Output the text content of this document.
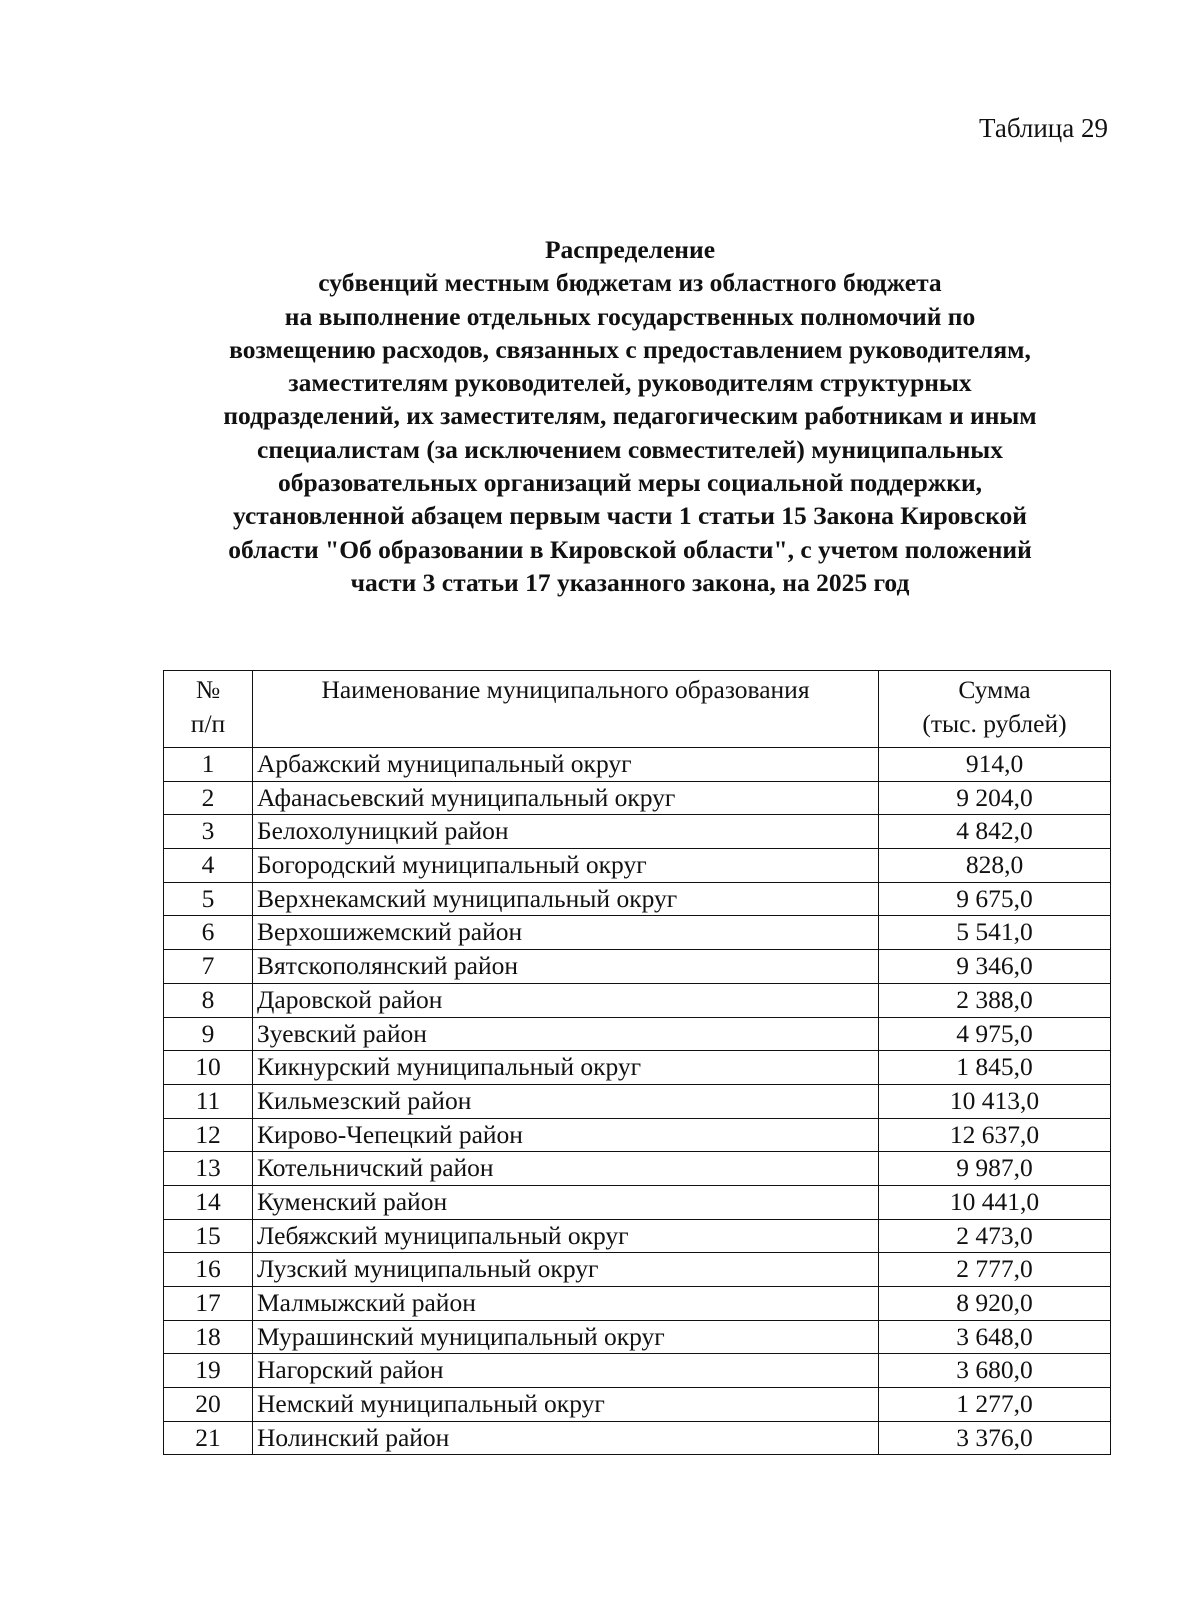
Таблица 29
Распределение
субвенций местным бюджетам из областного бюджета
на выполнение отдельных государственных полномочий по
возмещению расходов, связанных с предоставлением руководителям,
заместителям руководителей, руководителям структурных
подразделений, их заместителям, педагогическим работникам и иным
специалистам (за исключением совместителей) муниципальных
образовательных организаций меры социальной поддержки,
установленной абзацем первым части 1 статьи 15 Закона Кировской
области "Об образовании в Кировской области", с учетом положений
части 3 статьи 17 указанного закона, на 2025 год
№
п/п	Наименование муниципального образования	Сумма
(тыс. рублей)

1	Арбажский муниципальный округ	914,0
2	Афанасьевский муниципальный округ	9 204,0
3	Белохолуницкий район	4 842,0
4	Богородский муниципальный округ	828,0
5	Верхнекамский муниципальный округ	9 675,0
6	Верхошижемский район	5 541,0
7	Вятскополянский район	9 346,0
8	Даровской район	2 388,0
9	Зуевский район	4 975,0
10	Кикнурский муниципальный округ	1 845,0
11	Кильмезский район	10 413,0
12	Кирово-Чепецкий район	12 637,0
13	Котельничский район	9 987,0
14	Куменский район	10 441,0
15	Лебяжский муниципальный округ	2 473,0
16	Лузский муниципальный округ	2 777,0
17	Малмыжский район	8 920,0
18	Мурашинский муниципальный округ	3 648,0
19	Нагорский район	3 680,0
20	Немский муниципальный округ	1 277,0
21	Нолинский район	3 376,0
